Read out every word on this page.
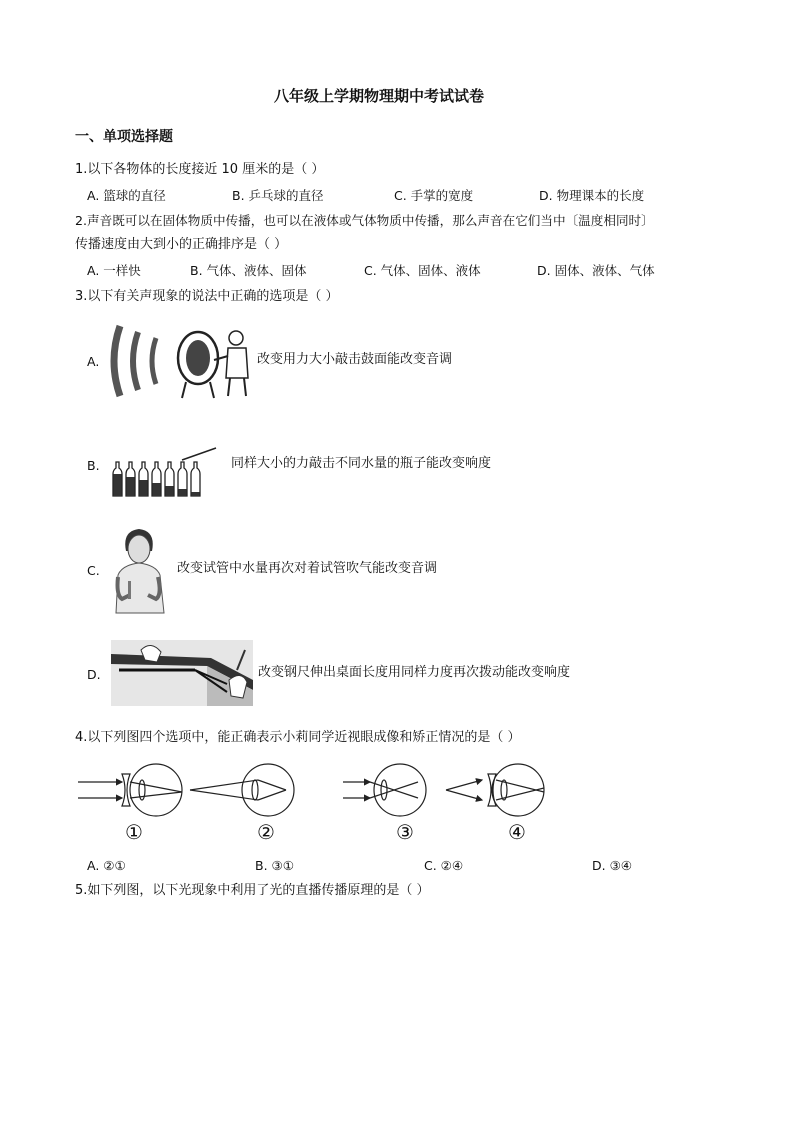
八年级上学期物理期中考试试卷
一、单项选择题
1.以下各物体的长度接近 10 厘米的是（ ）
A. 篮球的直径	B. 乒乓球的直径	C. 手掌的宽度	D. 物理课本的长度
2.声音既可以在固体物质中传播，也可以在液体或气体物质中传播，那么声音在它们当中〔温度相同时〕
传播速度由大到小的正确排序是（ ）
A. 一样快	B. 气体、液体、固体	C. 气体、固体、液体	D. 固体、液体、气体
3.以下有关声现象的说法中正确的选项是（ ）
A.	改变用力大小敲击鼓面能改变音调
B.	同样大小的力敲击不同水量的瓶子能改变响度
C.	改变试管中水量再次对着试管吹气能改变音调
D.	改变钢尺伸出桌面长度用同样力度再次拨动能改变响度
4.以下列图四个选项中，能正确表示小莉同学近视眼成像和矫正情况的是（ ）
①	②	③	④
A. ②①	B. ③①	C. ②④	D. ③④
5.如下列图，以下光现象中利用了光的直播传播原理的是（ ）
